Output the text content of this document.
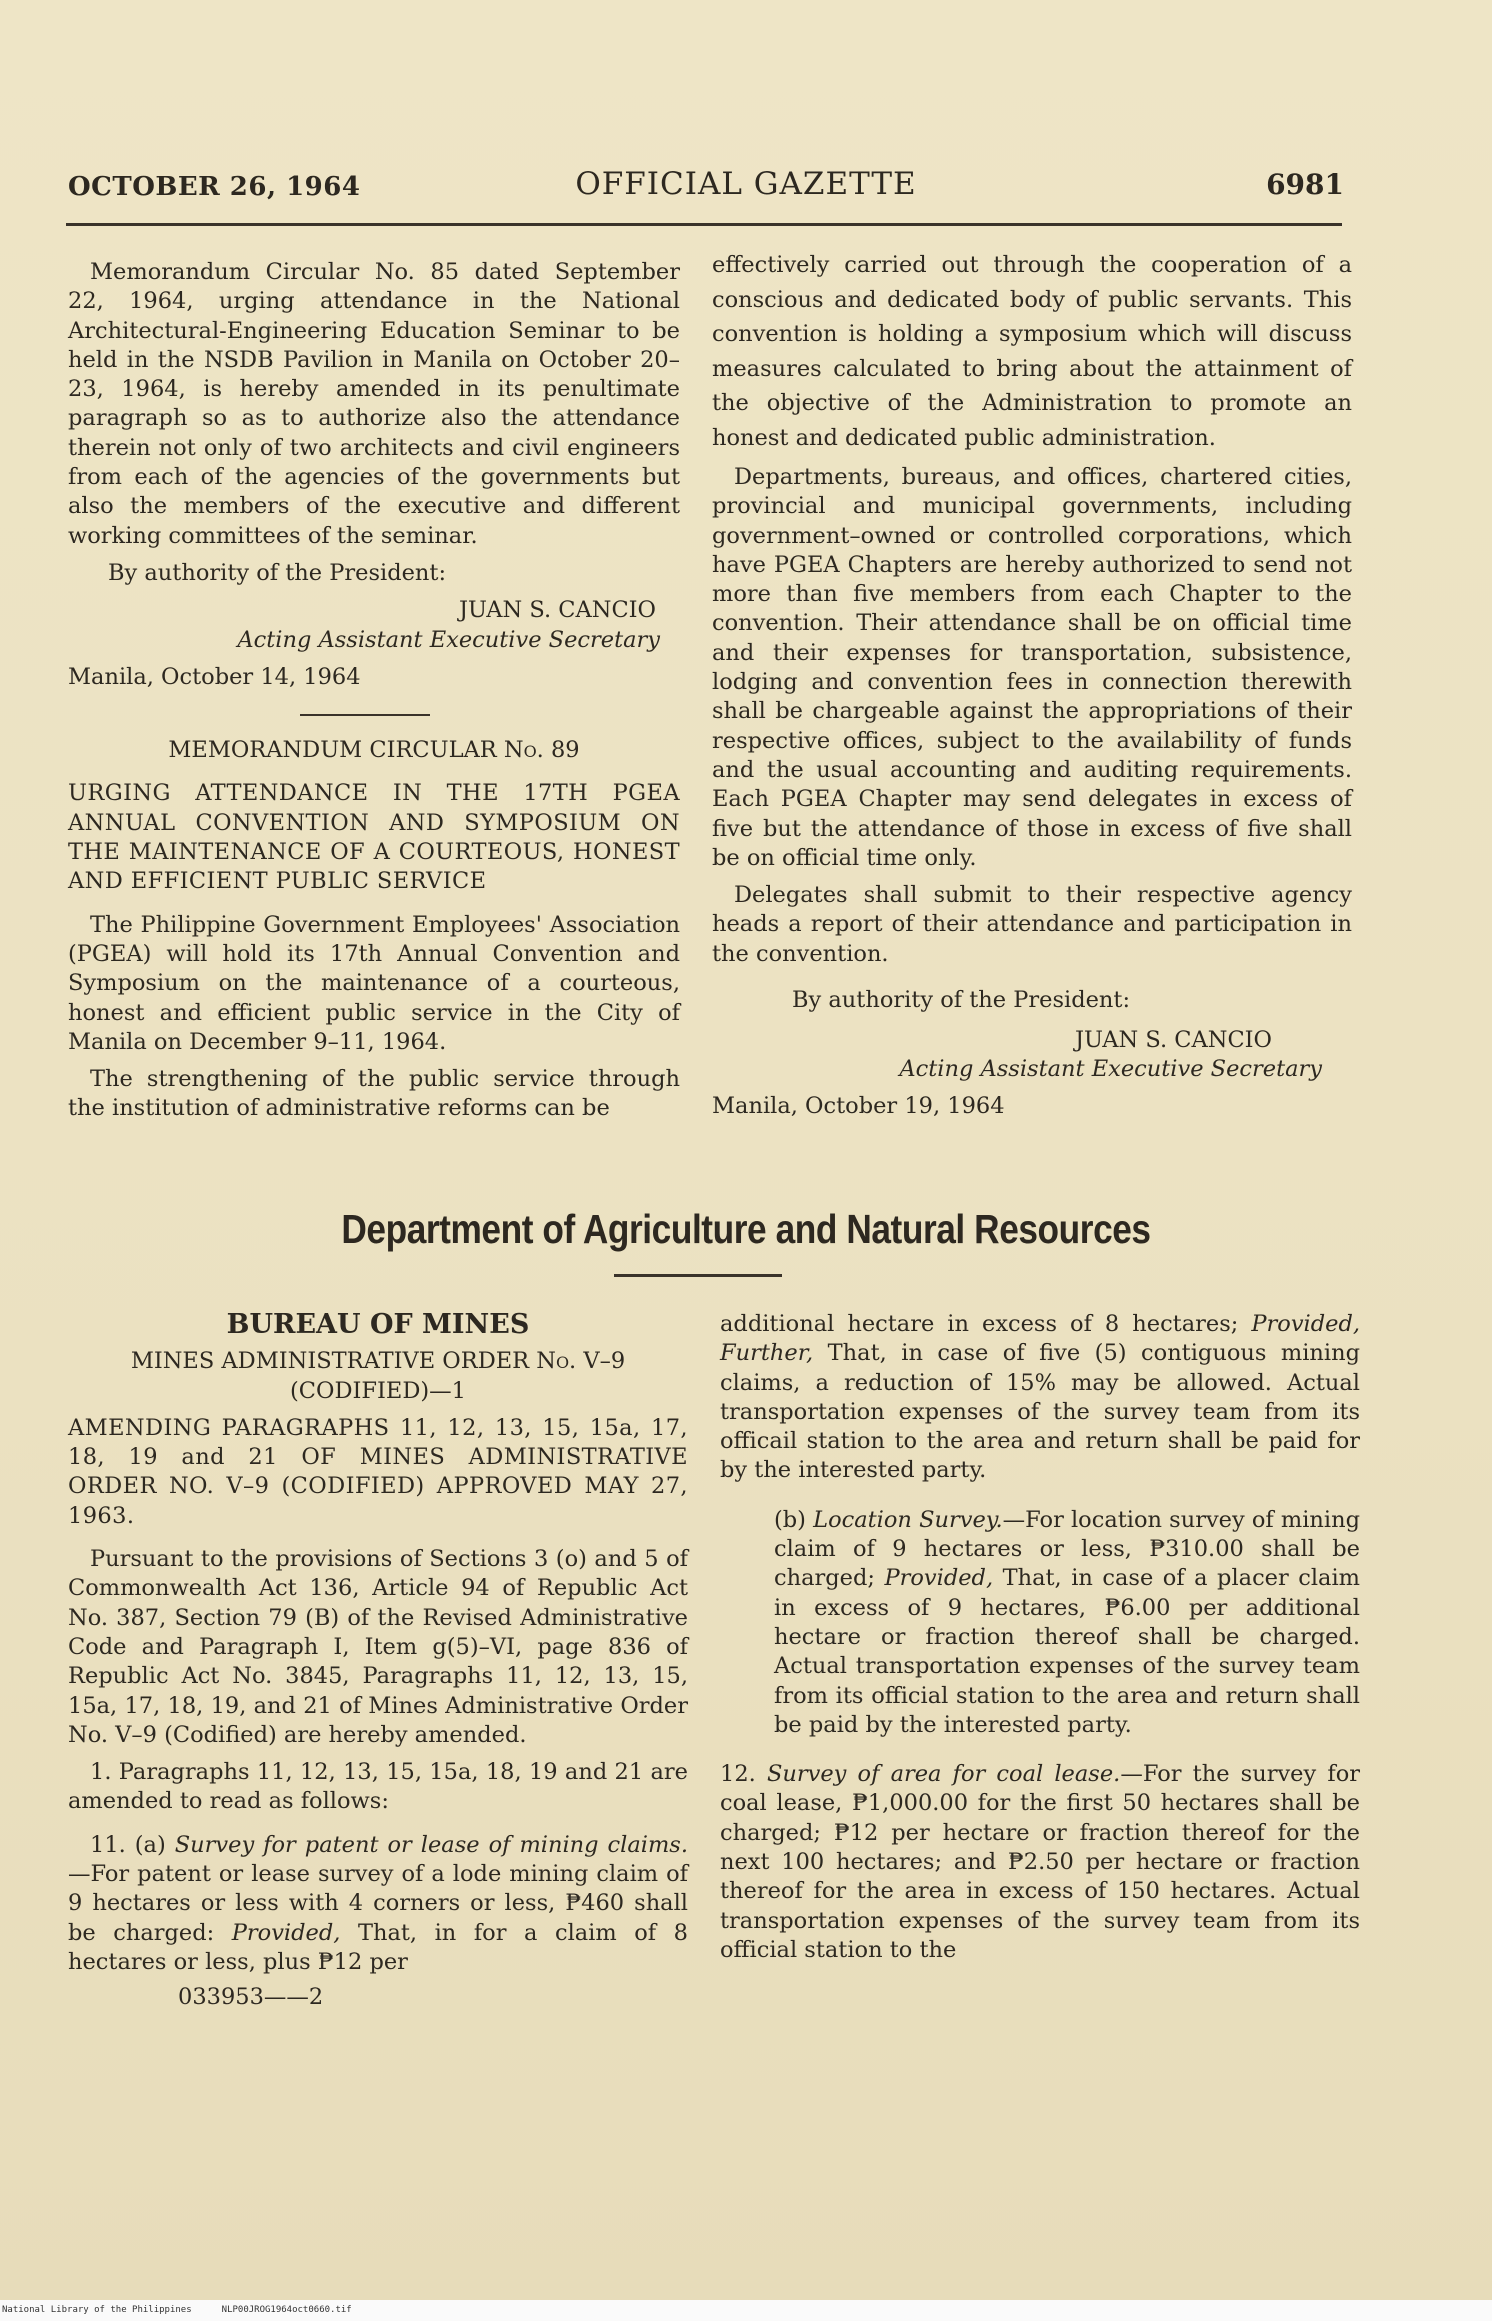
OCTOBER 26, 1964	OFFICIAL GAZETTE	6981

Memorandum Circular No. 85 dated September 22, 1964, urging attendance in the National Architectural-Engineering Education Seminar to be held in the NSDB Pavilion in Manila on October 20–23, 1964, is hereby amended in its penultimate paragraph so as to authorize also the attendance therein not only of two architects and civil engineers from each of the agencies of the governments but also the members of the executive and different working committees of the seminar.

By authority of the President:

JUAN S. CANCIO

Acting Assistant Executive Secretary

Manila, October 14, 1964

MEMORANDUM CIRCULAR No. 89

URGING ATTENDANCE IN THE 17TH PGEA ANNUAL CONVENTION AND SYMPOSIUM ON THE MAINTENANCE OF A COURTEOUS, HONEST AND EFFICIENT PUBLIC SERVICE

The Philippine Government Employees' Association (PGEA) will hold its 17th Annual Convention and Symposium on the maintenance of a courteous, honest and efficient public service in the City of Manila on December 9–11, 1964.

The strengthening of the public service through the institution of administrative reforms can be

effectively carried out through the cooperation of a conscious and dedicated body of public servants. This convention is holding a symposium which will discuss measures calculated to bring about the attainment of the objective of the Administration to promote an honest and dedicated public administration.

Departments, bureaus, and offices, chartered cities, provincial and municipal governments, including government–owned or controlled corporations, which have PGEA Chapters are hereby authorized to send not more than five members from each Chapter to the convention. Their attendance shall be on official time and their expenses for transportation, subsistence, lodging and convention fees in connection therewith shall be chargeable against the appropriations of their respective offices, subject to the availability of funds and the usual accounting and auditing requirements. Each PGEA Chapter may send delegates in excess of five but the attendance of those in excess of five shall be on official time only.

Delegates shall submit to their respective agency heads a report of their attendance and participation in the convention.

By authority of the President:

JUAN S. CANCIO

Acting Assistant Executive Secretary

Manila, October 19, 1964

Department of Agriculture and Natural Resources

BUREAU OF MINES

MINES ADMINISTRATIVE ORDER No. V–9

(CODIFIED)—1

AMENDING PARAGRAPHS 11, 12, 13, 15, 15a, 17, 18, 19 and 21 OF MINES ADMINISTRATIVE ORDER NO. V–9 (CODIFIED) APPROVED MAY 27, 1963.

Pursuant to the provisions of Sections 3 (o) and 5 of Commonwealth Act 136, Article 94 of Republic Act No. 387, Section 79 (B) of the Revised Administrative Code and Paragraph I, Item g(5)–VI, page 836 of Republic Act No. 3845, Paragraphs 11, 12, 13, 15, 15a, 17, 18, 19, and 21 of Mines Administrative Order No. V–9 (Codified) are hereby amended.

1. Paragraphs 11, 12, 13, 15, 15a, 18, 19 and 21 are amended to read as follows:

11. (a) Survey for patent or lease of mining claims.—For patent or lease survey of a lode mining claim of 9 hectares or less with 4 corners or less, ₱460 shall be charged: Provided, That, in for a claim of 8 hectares or less, plus ₱12 per

033953——2

additional hectare in excess of 8 hectares; Provided, Further, That, in case of five (5) contiguous mining claims, a reduction of 15% may be allowed. Actual transportation expenses of the survey team from its officail station to the area and return shall be paid for by the interested party.

(b) Location Survey.—For location survey of mining claim of 9 hectares or less, ₱310.00 shall be charged; Provided, That, in case of a placer claim in excess of 9 hectares, ₱6.00 per additional hectare or fraction thereof shall be charged. Actual transportation expenses of the survey team from its official station to the area and return shall be paid by the interested party.

12. Survey of area for coal lease.—For the survey for coal lease, ₱1,000.00 for the first 50 hectares shall be charged; ₱12 per hectare or fraction thereof for the next 100 hectares; and ₱2.50 per hectare or fraction thereof for the area in excess of 150 hectares. Actual transportation expenses of the survey team from its official station to the

National Library of the Philippines	NLP00JROG1964oct0660.tif
